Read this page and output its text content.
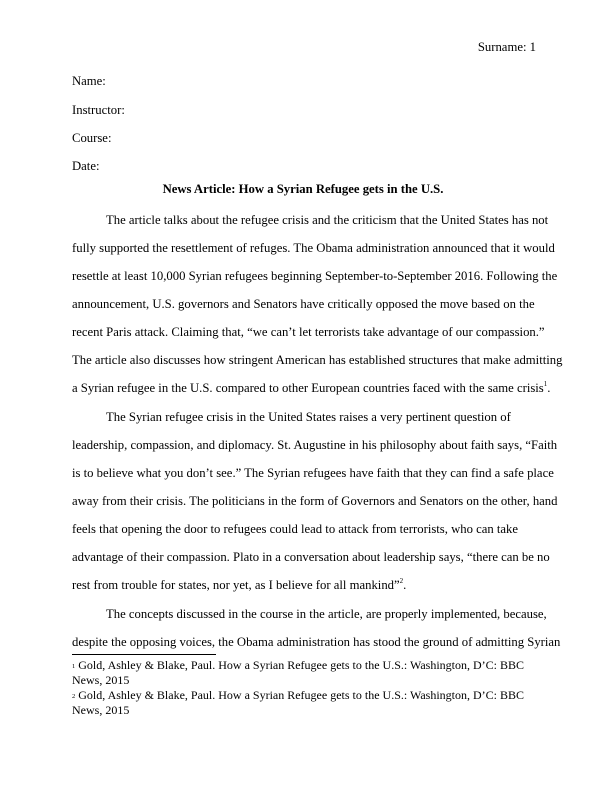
Surname: 1
Name:
Instructor:
Course:
Date:
News Article: How a Syrian Refugee gets in the U.S.
The article talks about the refugee crisis and the criticism that the United States has not
fully supported the resettlement of refuges. The Obama administration announced that it would
resettle at least 10,000 Syrian refugees beginning September-to-September 2016. Following the
announcement, U.S. governors and Senators have critically opposed the move based on the
recent Paris attack. Claiming that, “we can’t let terrorists take advantage of our compassion.”
The article also discusses how stringent American has established structures that make admitting
a Syrian refugee in the U.S. compared to other European countries faced with the same crisis$^1$.
The Syrian refugee crisis in the United States raises a very pertinent question of
leadership, compassion, and diplomacy. St. Augustine in his philosophy about faith says, “Faith
is to believe what you don’t see.” The Syrian refugees have faith that they can find a safe place
away from their crisis. The politicians in the form of Governors and Senators on the other, hand
feels that opening the door to refugees could lead to attack from terrorists, who can take
advantage of their compassion. Plato in a conversation about leadership says, “there can be no
rest from trouble for states, nor yet, as I believe for all mankind”$^2$.
The concepts discussed in the course in the article, are properly implemented, because,
despite the opposing voices, the Obama administration has stood the ground of admitting Syrian
$^1$ Gold, Ashley & Blake, Paul. How a Syrian Refugee gets to the U.S.: Washington, D’C: BBC
News, 2015
$^2$ Gold, Ashley & Blake, Paul. How a Syrian Refugee gets to the U.S.: Washington, D’C: BBC
News, 2015
